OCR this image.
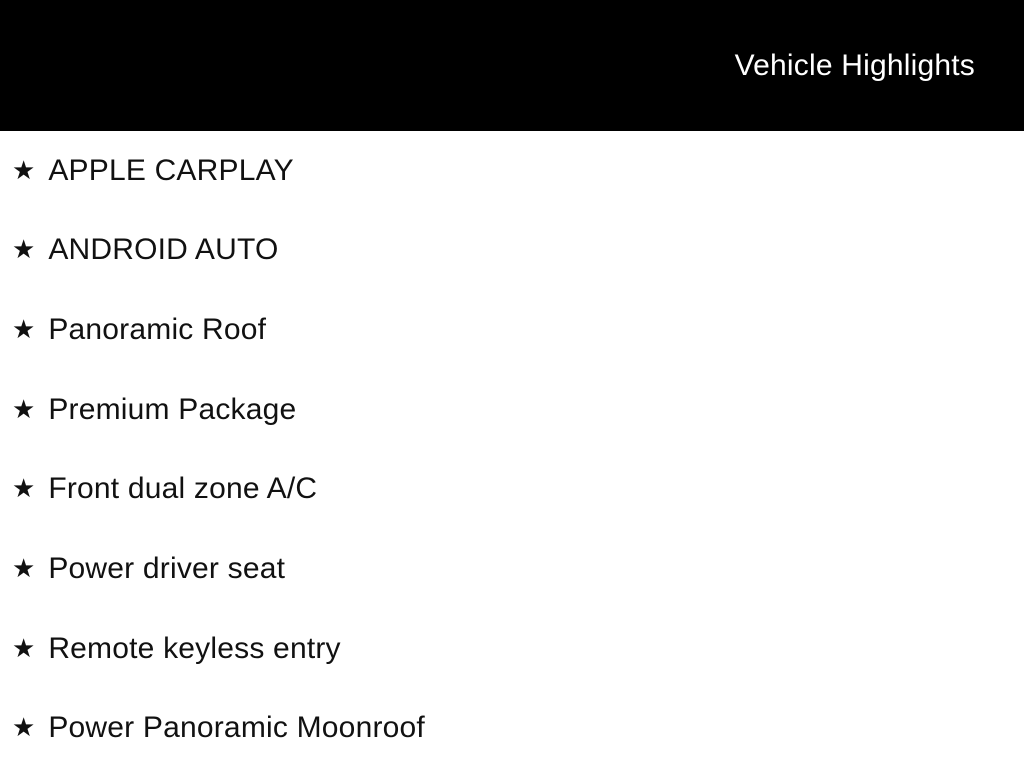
Vehicle Highlights
★ APPLE CARPLAY
★ ANDROID AUTO
★ Panoramic Roof
★ Premium Package
★ Front dual zone A/C
★ Power driver seat
★ Remote keyless entry
★ Power Panoramic Moonroof
